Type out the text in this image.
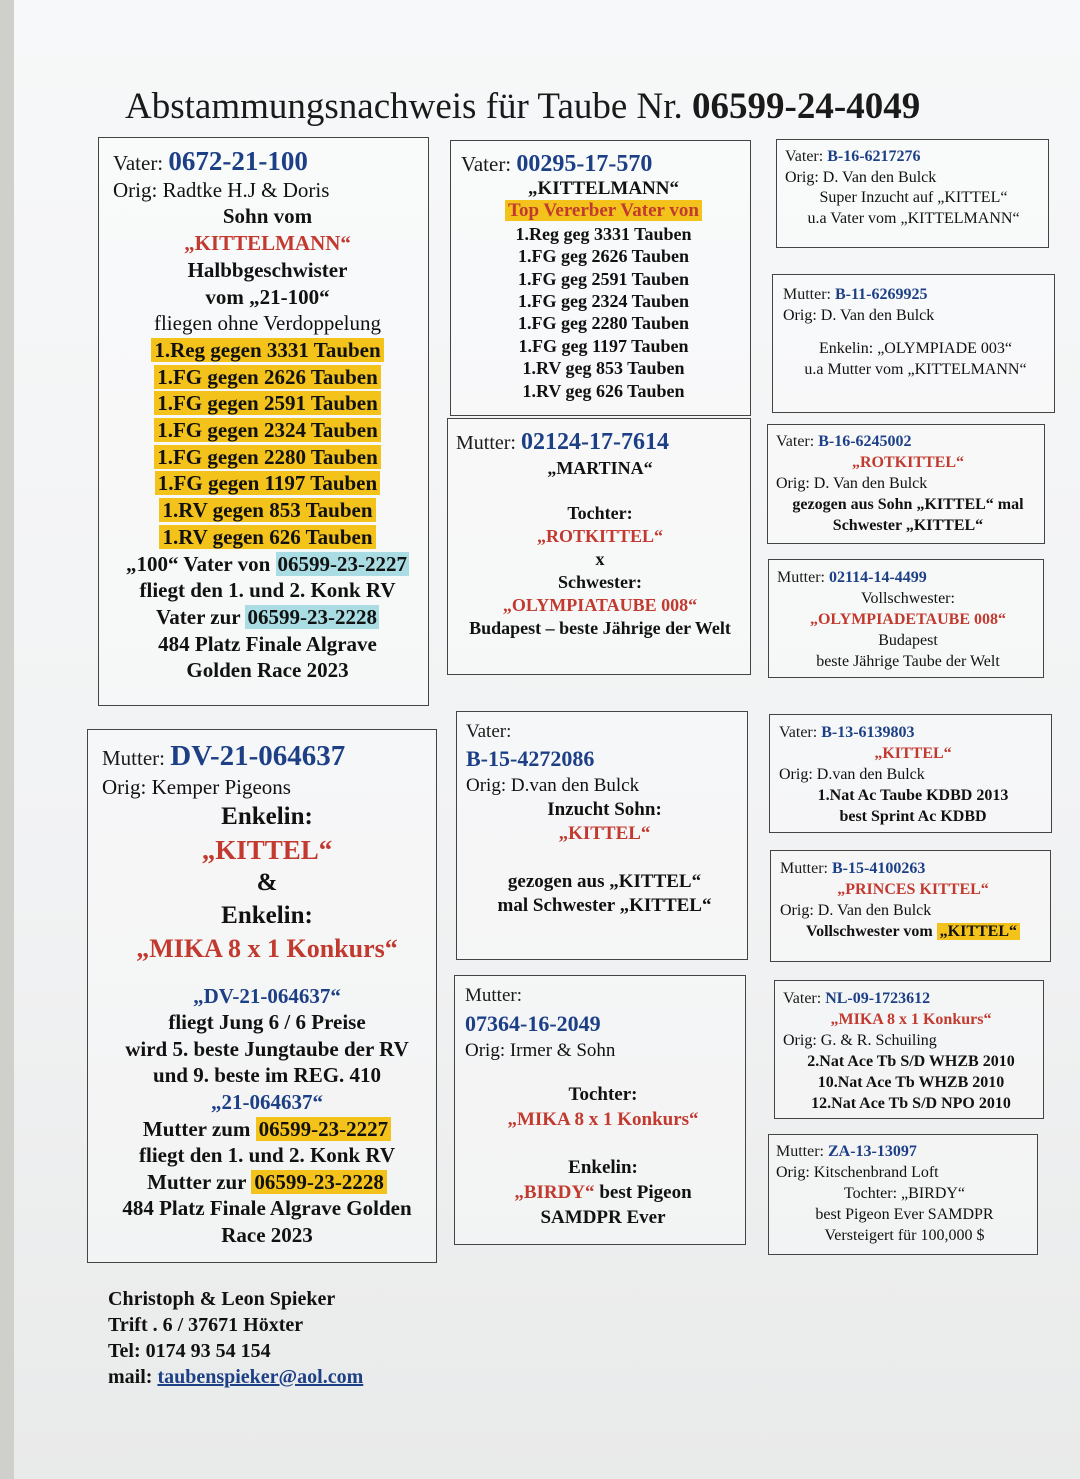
Abstammungsnachweis für Taube Nr. 06599-24-4049
Vater: 0672-21-100
Orig: Radtke H.J & Doris
Sohn vom
„KITTELMANN“
Halbbgeschwister
vom „21-100“
fliegen ohne Verdoppelung
1.Reg gegen 3331 Tauben
1.FG gegen 2626 Tauben
1.FG gegen 2591 Tauben
1.FG gegen 2324 Tauben
1.FG gegen 2280 Tauben
1.FG gegen 1197 Tauben
1.RV gegen 853 Tauben
1.RV gegen 626 Tauben
„100“ Vater von 06599-23-2227
fliegt den 1. und 2. Konk RV
Vater zur 06599-23-2228
484 Platz Finale Algrave
Golden Race 2023
Vater: 00295-17-570
„KITTELMANN“
Top Vererber Vater von
1.Reg geg 3331 Tauben
1.FG geg 2626 Tauben
1.FG geg 2591 Tauben
1.FG geg 2324 Tauben
1.FG geg 2280 Tauben
1.FG geg 1197 Tauben
1.RV geg 853 Tauben
1.RV geg 626 Tauben
Vater: B-16-6217276
Orig: D. Van den Bulck
Super Inzucht auf „KITTEL“
u.a Vater vom „KITTELMANN“
Mutter: B-11-6269925
Orig: D. Van den Bulck
Enkelin: „OLYMPIADE 003“
u.a Mutter vom „KITTELMANN“
Mutter: 02124-17-7614
„MARTINA“
Tochter:
„ROTKITTEL“
x
Schwester:
„OLYMPIATAUBE 008“
Budapest – beste Jährige der Welt
Vater: B-16-6245002
„ROTKITTEL“
Orig: D. Van den Bulck
gezogen aus Sohn „KITTEL“ mal
Schwester „KITTEL“
Mutter: 02114-14-4499
Vollschwester:
„OLYMPIADETAUBE 008“
Budapest
beste Jährige Taube der Welt
Mutter: DV-21-064637
Orig: Kemper Pigeons
Enkelin:
„KITTEL“
&
Enkelin:
„MIKA 8 x 1 Konkurs“
„DV-21-064637“
fliegt Jung 6 / 6 Preise
wird 5. beste Jungtaube der RV
und 9. beste im REG. 410
„21-064637“
Mutter zum 06599-23-2227
fliegt den 1. und 2. Konk RV
Mutter zur 06599-23-2228
484 Platz Finale Algrave Golden
Race 2023
Vater:
B-15-4272086
Orig: D.van den Bulck
Inzucht Sohn:
„KITTEL“
gezogen aus „KITTEL“
mal Schwester „KITTEL“
Vater: B-13-6139803
„KITTEL“
Orig: D.van den Bulck
1.Nat Ac Taube KDBD 2013
best Sprint Ac KDBD
Mutter: B-15-4100263
„PRINCES KITTEL“
Orig: D. Van den Bulck
Vollschwester vom „KITTEL“
Mutter:
07364-16-2049
Orig: Irmer & Sohn
Tochter:
„MIKA 8 x 1 Konkurs“
Enkelin:
„BIRDY“ best Pigeon
SAMDPR Ever
Vater: NL-09-1723612
„MIKA 8 x 1 Konkurs“
Orig: G. & R. Schuiling
2.Nat Ace Tb S/D WHZB 2010
10.Nat Ace Tb WHZB 2010
12.Nat Ace Tb S/D NPO 2010
Mutter: ZA-13-13097
Orig: Kitschenbrand Loft
Tochter: „BIRDY“
best Pigeon Ever SAMDPR
Versteigert für 100,000 $
Christoph & Leon Spieker
Trift . 6 / 37671 Höxter
Tel: 0174 93 54 154
mail: taubenspieker@aol.com
